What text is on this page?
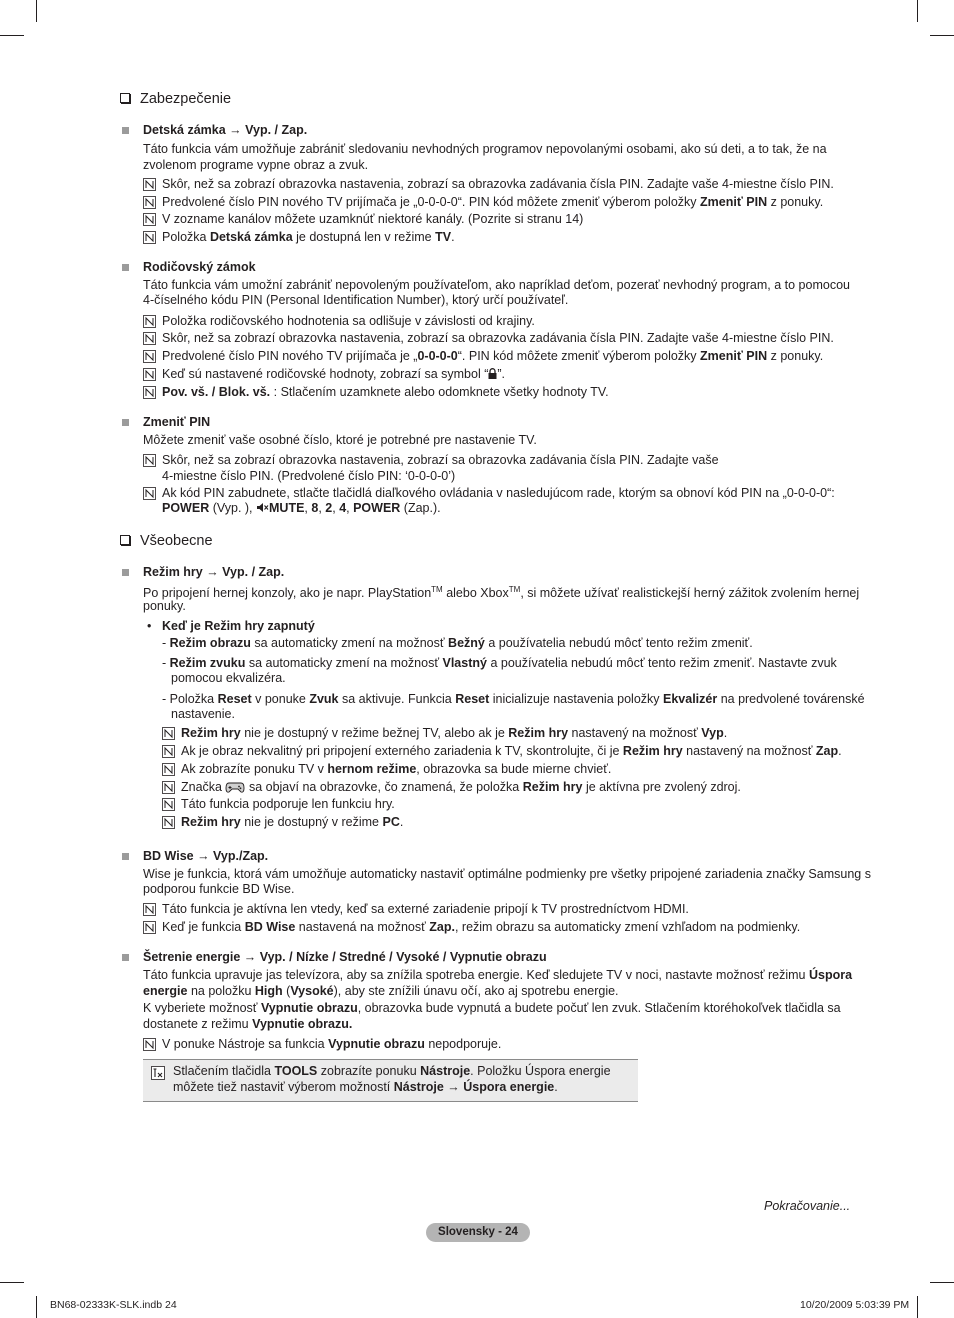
Zabezpečenie
Detská zámka → Vyp. / Zap.
Táto funkcia vám umožňuje zabrániť sledovaniu nevhodných programov nepovolanými osobami, ako sú deti, a to tak, že na
zvolenom programe vypne obraz a zvuk.
Skôr, než sa zobrazí obrazovka nastavenia, zobrazí sa obrazovka zadávania čísla PIN. Zadajte vaše 4-miestne číslo PIN.
Predvolené číslo PIN nového TV prijímača je „0-0-0-0“. PIN kód môžete zmeniť výberom položky Zmeniť PIN z ponuky.
V zozname kanálov môžete uzamknúť niektoré kanály. (Pozrite si stranu 14)
Položka Detská zámka je dostupná len v režime TV.
Rodičovský zámok
Táto funkcia vám umožní zabrániť nepovoleným používateľom, ako napríklad deťom, pozerať nevhodný program, a to pomocou
4-číselného kódu PIN (Personal Identification Number), ktorý určí používateľ.
Položka rodičovského hodnotenia sa odlišuje v závislosti od krajiny.
Skôr, než sa zobrazí obrazovka nastavenia, zobrazí sa obrazovka zadávania čísla PIN. Zadajte vaše 4-miestne číslo PIN.
Predvolené číslo PIN nového TV prijímača je „0-0-0-0“. PIN kód môžete zmeniť výberom položky Zmeniť PIN z ponuky.
Keď sú nastavené rodičovské hodnoty, zobrazí sa symbol “ ”.
Pov. vš. / Blok. vš. : Stlačením uzamknete alebo odomknete všetky hodnoty TV.
Zmeniť PIN
Môžete zmeniť vaše osobné číslo, ktoré je potrebné pre nastavenie TV.
Skôr, než sa zobrazí obrazovka nastavenia, zobrazí sa obrazovka zadávania čísla PIN. Zadajte vaše
4-miestne číslo PIN. (Predvolené číslo PIN: ‘0-0-0-0’)
Ak kód PIN zabudnete, stlačte tlačidlá diaľkového ovládania v nasledujúcom rade, ktorým sa obnoví kód PIN na „0-0-0-0“:
POWER (Vyp. ), MUTE, 8, 2, 4, POWER (Zap.).
Všeobecne
Režim hry → Vyp. / Zap.
Po pripojení hernej konzoly, ako je napr. PlayStation™ alebo Xbox™, si môžete užívať realistickejší herný zážitok zvolením hernej
ponuky.
• Keď je Režim hry zapnutý
- Režim obrazu sa automaticky zmení na možnosť Bežný a používatelia nebudú môcť tento režim zmeniť.
- Režim zvuku sa automaticky zmení na možnosť Vlastný a používatelia nebudú môcť tento režim zmeniť. Nastavte zvuk
pomocou ekvalizéra.
- Položka Reset v ponuke Zvuk sa aktivuje. Funkcia Reset inicializuje nastavenia položky Ekvalizér na predvolené továrenské
nastavenie.
Režim hry nie je dostupný v režime bežnej TV, alebo ak je Režim hry nastavený na možnosť Vyp.
Ak je obraz nekvalitný pri pripojení externého zariadenia k TV, skontrolujte, či je Režim hry nastavený na možnosť Zap.
Ak zobrazíte ponuku TV v hernom režime, obrazovka sa bude mierne chvieť.
Značka  sa objaví na obrazovke, čo znamená, že položka Režim hry je aktívna pre zvolený zdroj.
Táto funkcia podporuje len funkciu hry.
Režim hry nie je dostupný v režime PC.
BD Wise → Vyp./Zap.
Wise je funkcia, ktorá vám umožňuje automaticky nastaviť optimálne podmienky pre všetky pripojené zariadenia značky Samsung s
podporou funkcie BD Wise.
Táto funkcia je aktívna len vtedy, keď sa externé zariadenie pripojí k TV prostredníctvom HDMI.
Keď je funkcia BD Wise nastavená na možnosť Zap., režim obrazu sa automaticky zmení vzhľadom na podmienky.
Šetrenie energie → Vyp. / Nízke / Stredné / Vysoké / Vypnutie obrazu
Táto funkcia upravuje jas televízora, aby sa znížila spotreba energie. Keď sledujete TV v noci, nastavte možnosť režimu Úspora
energie na položku High (Vysoké), aby ste znížili únavu očí, ako aj spotrebu energie.
K vyberiete možnosť Vypnutie obrazu, obrazovka bude vypnutá a budete počuť len zvuk. Stlačením ktoréhokoľvek tlačidla sa
dostanete z režimu Vypnutie obrazu.
V ponuke Nástroje sa funkcia Vypnutie obrazu nepodporuje.
Stlačením tlačidla TOOLS zobrazíte ponuku Nástroje. Položku Úspora energie
môžete tiež nastaviť výberom možností Nástroje → Úspora energie.
Pokračovanie...
Slovensky - 24
BN68-02333K-SLK.indb 24	10/20/2009 5:03:39 PM
